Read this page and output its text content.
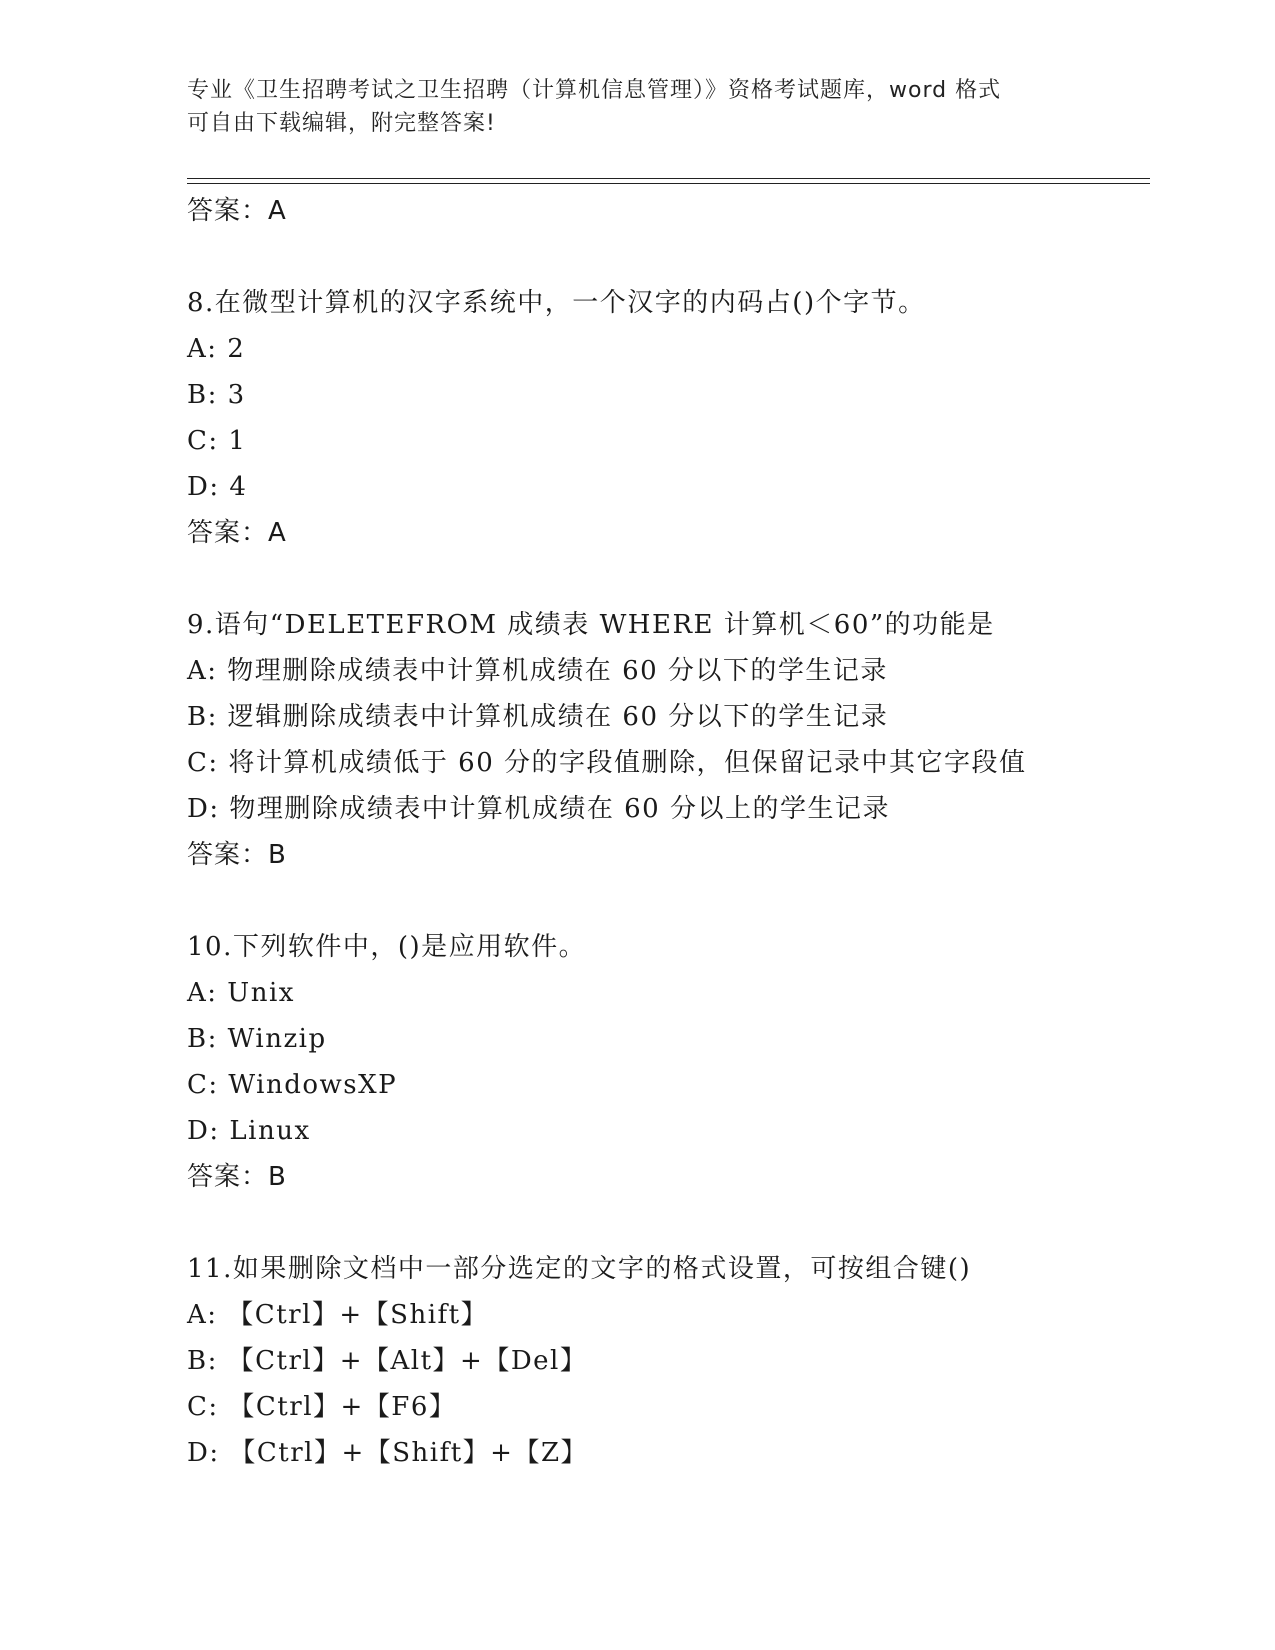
专业《卫生招聘考试之卫生招聘（计算机信息管理）》资格考试题库，word 格式
可自由下载编辑，附完整答案!
答案：A
8.在微型计算机的汉字系统中，一个汉字的内码占()个字节。
A: 2
B: 3
C: 1
D: 4
答案：A
9.语句“DELETEFROM 成绩表 WHERE 计算机＜60”的功能是
A: 物理删除成绩表中计算机成绩在 60 分以下的学生记录
B: 逻辑删除成绩表中计算机成绩在 60 分以下的学生记录
C: 将计算机成绩低于 60 分的字段值删除，但保留记录中其它字段值
D: 物理删除成绩表中计算机成绩在 60 分以上的学生记录
答案：B
10.下列软件中，()是应用软件。
A: Unix
B: Winzip
C: WindowsXP
D: Linux
答案：B
11.如果删除文档中一部分选定的文字的格式设置，可按组合键()
A: 【Ctrl】+【Shift】
B: 【Ctrl】+【Alt】+【Del】
C: 【Ctrl】+【F6】
D: 【Ctrl】+【Shift】+【Z】
